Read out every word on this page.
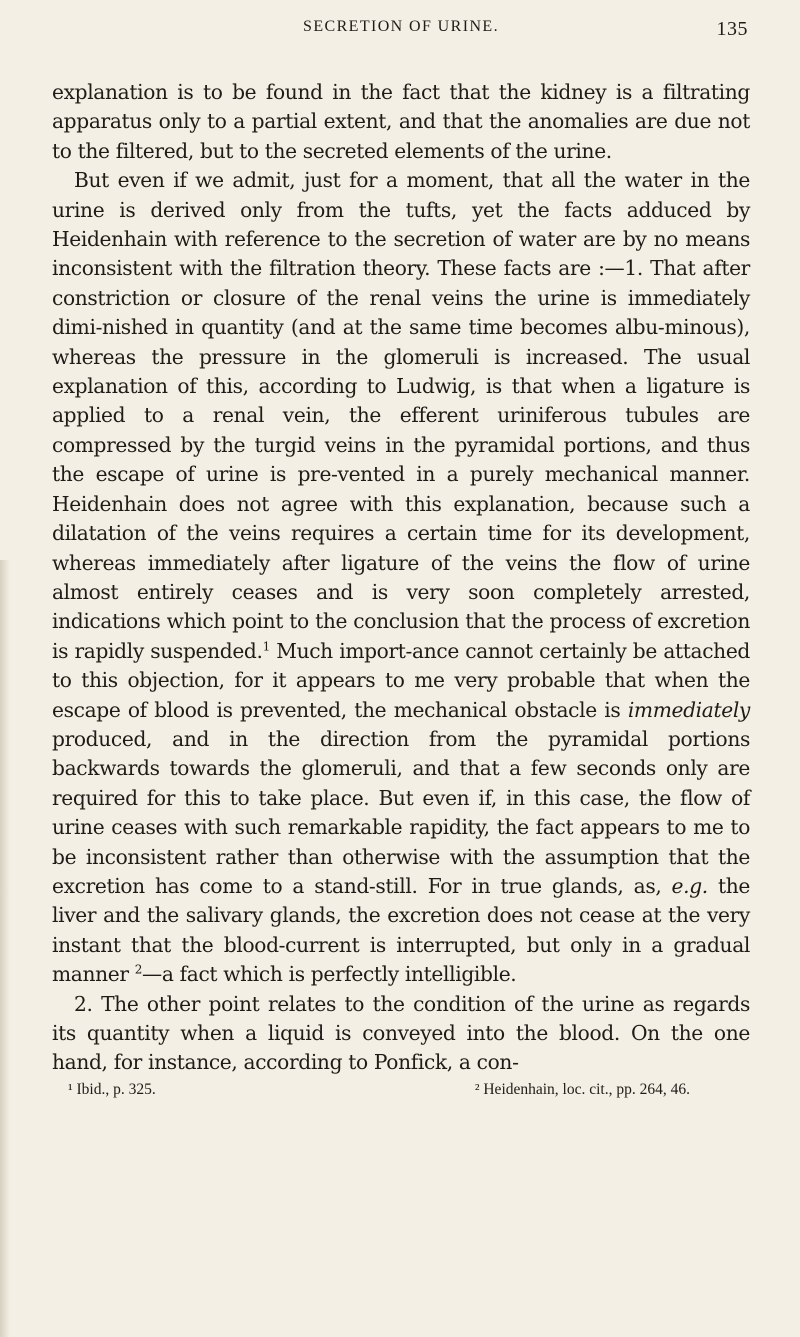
SECRETION OF URINE.	135

explanation is to be found in the fact that the kidney is a filtrating apparatus only to a partial extent, and that the anomalies are due not to the filtered, but to the secreted elements of the urine.

But even if we admit, just for a moment, that all the water in the urine is derived only from the tufts, yet the facts adduced by Heidenhain with reference to the secretion of water are by no means inconsistent with the filtration theory. These facts are :—1. That after constriction or closure of the renal veins the urine is immediately dimi-nished in quantity (and at the same time becomes albu-minous), whereas the pressure in the glomeruli is increased. The usual explanation of this, according to Ludwig, is that when a ligature is applied to a renal vein, the efferent uriniferous tubules are compressed by the turgid veins in the pyramidal portions, and thus the escape of urine is pre-vented in a purely mechanical manner. Heidenhain does not agree with this explanation, because such a dilatation of the veins requires a certain time for its development, whereas immediately after ligature of the veins the flow of urine almost entirely ceases and is very soon completely arrested, indications which point to the conclusion that the process of excretion is rapidly suspended.$^1$ Much import-ance cannot certainly be attached to this objection, for it appears to me very probable that when the escape of blood is prevented, the mechanical obstacle is immediately produced, and in the direction from the pyramidal portions backwards towards the glomeruli, and that a few seconds only are required for this to take place. But even if, in this case, the flow of urine ceases with such remarkable rapidity, the fact appears to me to be inconsistent rather than otherwise with the assumption that the excretion has come to a stand-still. For in true glands, as, e.g. the liver and the salivary glands, the excretion does not cease at the very instant that the blood-current is interrupted, but only in a gradual manner $^2$—a fact which is perfectly intelligible.

2. The other point relates to the condition of the urine as regards its quantity when a liquid is conveyed into the blood. On the one hand, for instance, according to Ponfick, a con-

¹ Ibid., p. 325.	² Heidenhain, loc. cit., pp. 264, 46.
